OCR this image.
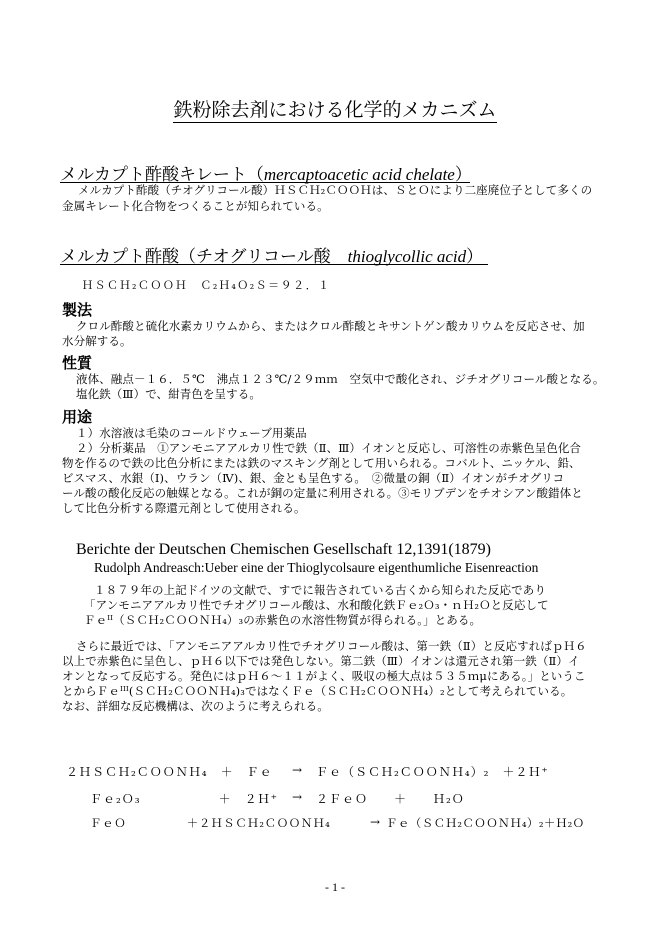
鉄粉除去剤における化学的メカニズム
メルカプト酢酸キレート（mercaptoacetic acid chelate）
メルカプト酢酸（チオグリコール酸）ＨＳＣＨ₂ＣＯＯＨは、ＳとＯにより二座廃位子として多くの
金属キレート化合物をつくることが知られている。
メルカプト酢酸（チオグリコール酸　thioglycollic acid）
ＨＳＣＨ₂ＣＯＯＨ　Ｃ₂Ｈ₄Ｏ₂Ｓ＝９２．１
製法
クロル酢酸と硫化水素カリウムから、またはクロル酢酸とキサントゲン酸カリウムを反応させ、加
水分解する。
性質
液体、融点－１６．５℃　沸点１２３℃/２９ｍｍ　空気中で酸化され、ジチオグリコール酸となる。
塩化鉄（Ⅲ）で、紺青色を呈する。
用途
１）水溶液は毛染のコールドウェーブ用薬品
２）分析薬品　①アンモニアアルカリ性で鉄（Ⅱ、Ⅲ）イオンと反応し、可溶性の赤紫色呈色化合
物を作るので鉄の比色分析にまたは鉄のマスキング剤として用いられる。コバルト、ニッケル、鉛、
ビスマス、水銀（Ⅰ)、ウラン（Ⅳ)、銀、金とも呈色する。　②微量の銅（Ⅱ）イオンがチオグリコ
ール酸の酸化反応の触媒となる。これが銅の定量に利用される。③モリブデンをチオシアン酸錯体と
して比色分析する際還元剤として使用される。
Berichte der Deutschen Chemischen Gesellschaft 12,1391(1879)
Rudolph Andreasch:Ueber eine der Thioglycolsaure eigenthumliche Eisenreaction
１８７９年の上記ドイツの文献で、すでに報告されている古くから知られた反応であり
「アンモニアアルカリ性でチオグリコール酸は、水和酸化鉄Ｆｅ₂Ｏ₃・ｎＨ₂Ｏと反応して
Ｆｅᴵᴵ（ＳＣＨ₂ＣＯＯＮＨ₄）₃の赤紫色の水溶性物質が得られる。」とある。
さらに最近では、「アンモニアアルカリ性でチオグリコール酸は、第一鉄（Ⅱ）と反応すればｐＨ６
以上で赤紫色に呈色し、ｐＨ６以下では発色しない。第二鉄（Ⅲ）イオンは還元され第一鉄（Ⅱ）イ
オンとなって反応する。発色にはｐＨ６～１１がよく、吸収の極大点は５３５ｍμにある。」というこ
とからＦｅᴵᴵᴵ(ＳＣＨ₂ＣＯＯＮＨ₄)₃ではなくＦｅ（ＳＣＨ₂ＣＯＯＮＨ₄）₂として考えられている。
なお、詳細な反応機構は、次のように考えられる。
２ＨＳＣＨ₂ＣＯＯＮＨ₄　＋　Ｆｅ → Ｆｅ（ＳＣＨ₂ＣＯＯＮＨ₄）₂　＋２Ｈ⁺
Ｆｅ₂Ｏ₃　　　　　　＋　２Ｈ⁺ → ２ＦｅＯ　　＋　　Ｈ₂Ｏ
ＦｅＯ　　　　　＋２ＨＳＣＨ₂ＣＯＯＮＨ₄	→ Ｆｅ（ＳＣＨ₂ＣＯＯＮＨ₄）₂＋Ｈ₂Ｏ
- 1 -
